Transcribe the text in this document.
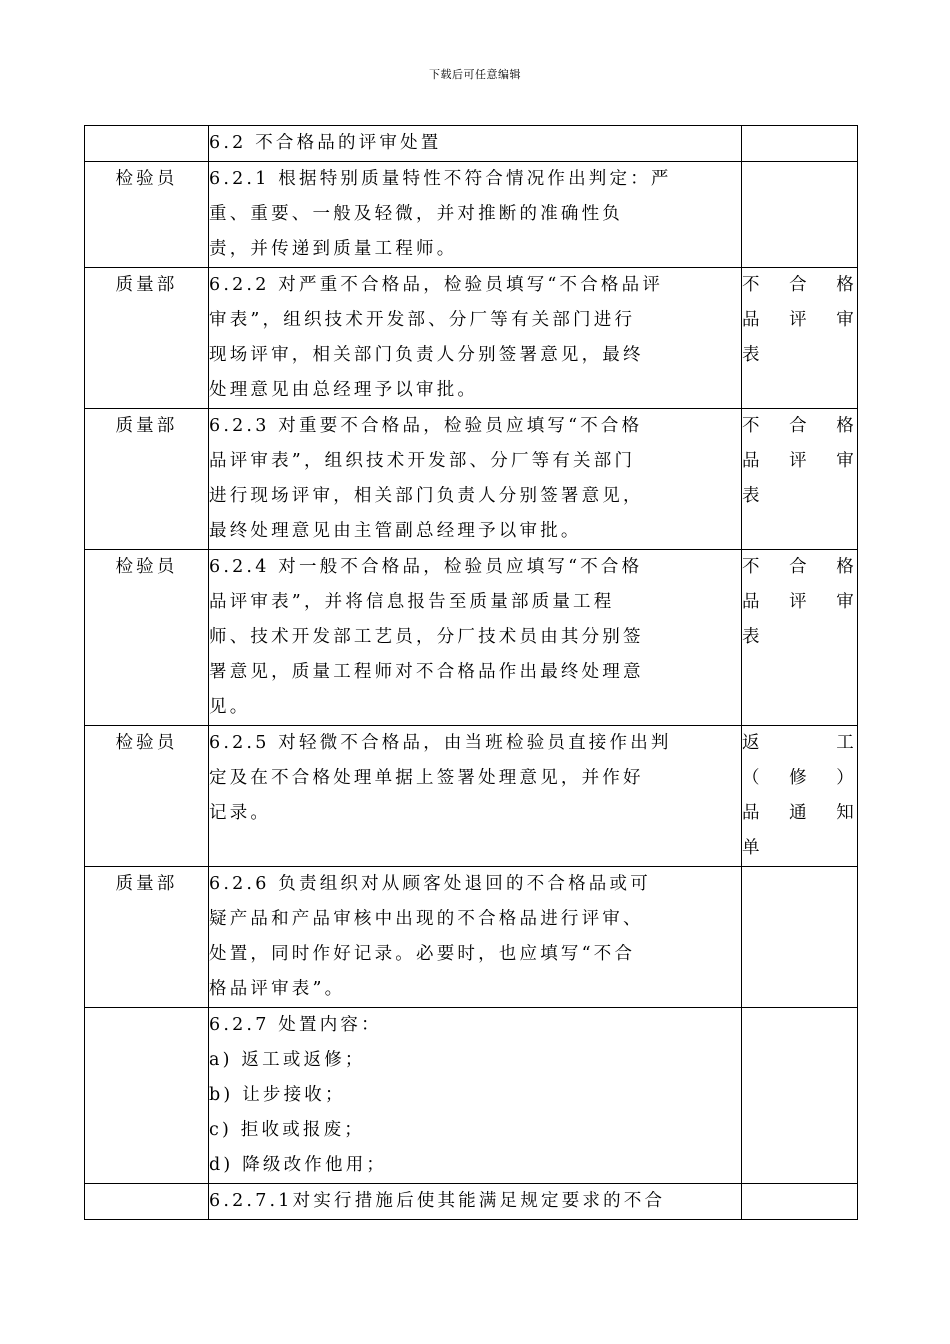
下载后可任意编辑

	6.2 不合格品的评审处置	

检验员	6.2.1 根据特别质量特性不符合情况作出判定：严
重、重要、一般及轻微，并对推断的准确性负
责，并传递到质量工程师。	

质量部	6.2.2 对严重不合格品，检验员填写“不合格品评
审表”，组织技术开发部、分厂等有关部门进行
现场评审，相关部门负责人分别签署意见，最终
处理意见由总经理予以审批。	不合格
品评审
表

质量部	6.2.3 对重要不合格品，检验员应填写“不合格
品评审表”，组织技术开发部、分厂等有关部门
进行现场评审，相关部门负责人分别签署意见，
最终处理意见由主管副总经理予以审批。	不合格
品评审
表

检验员	6.2.4 对一般不合格品，检验员应填写“不合格
品评审表”，并将信息报告至质量部质量工程
师、技术开发部工艺员，分厂技术员由其分别签
署意见，质量工程师对不合格品作出最终处理意
见。	不合格
品评审
表

检验员	6.2.5 对轻微不合格品，由当班检验员直接作出判
定及在不合格处理单据上签署处理意见，并作好
记录。	返工
（修）
品通知
单

质量部	6.2.6 负责组织对从顾客处退回的不合格品或可
疑产品和产品审核中出现的不合格品进行评审、
处置，同时作好记录。必要时，也应填写“不合
格品评审表”。	

	6.2.7 处置内容：
a) 返工或返修；
b) 让步接收；
c) 拒收或报废；
d) 降级改作他用；	

	6.2.7.1对实行措施后使其能满足规定要求的不合	
